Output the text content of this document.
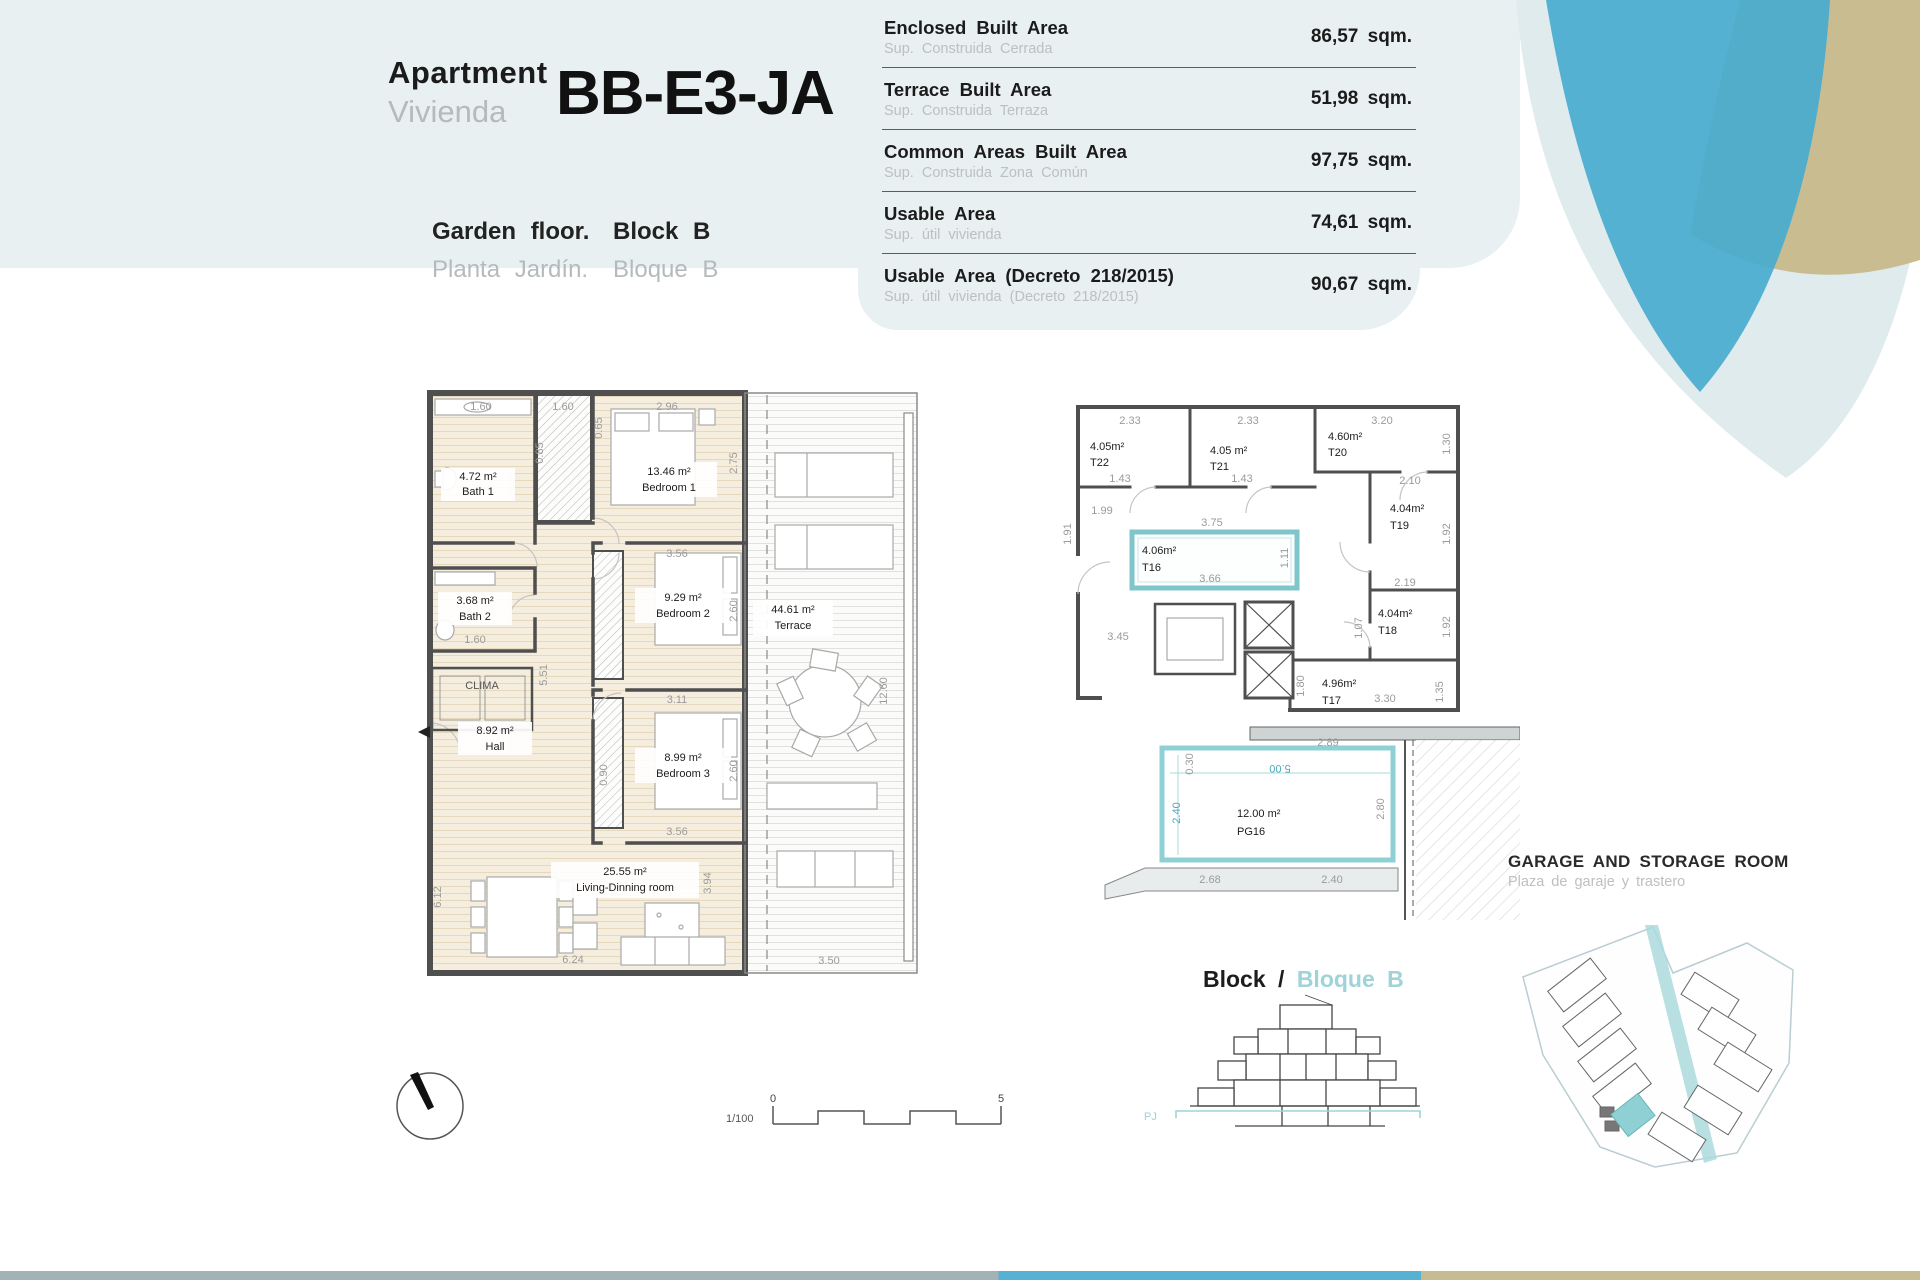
Apartment
Vivienda BB-E3-JA
Garden floor.
Planta Jardín.
Block B
Bloque B
Enclosed Built Area
Sup. Construida Cerrada
86,57 sqm.
Terrace Built Area
Sup. Construida Terraza
51,98 sqm.
Common Areas Built Area
Sup. Construida Zona Común
97,75 sqm.
Usable Area
Sup. útil vivienda
74,61 sqm.
Usable Area (Decreto 218/2015)
Sup. útil vivienda (Decreto 218/2015)
90,67 sqm.
4.72 m²
Bath 1
13.46 m²
Bedroom 1
3.68 m²
Bath 2
9.29 m²
Bedroom 2
8.92 m²
Hall
8.99 m²
Bedroom 3
25.55 m²
Living-Dinning room
44.61 m²
Terrace
CLIMA
1.60	1.60	2.96
0.65
2.75
3.56
2.60
1.60
5.51
3.11
3.56
2.60
6.12
6.24
3.94
3.50
12.60
0.85
0.90
4.05m²
T22
4.05 m²
T21
4.60m²
T20
4.04m²
T19
4.06m²
T16
4.04m²
T18
4.96m²
T17
2.33	2.33	3.20
1.30
1.43	1.43	2.10
1.92
1.99
1.91
3.75
3.66
1.11
3.45
2.19
1.07
3.30
1.80	1.35
1.92
12.00 m²
PG16
5.00
2.40
2.89
2.80
0.30
2.68	2.40
GARAGE AND STORAGE ROOM
Plaza de garaje y trastero
Block / Bloque B
PJ
1/100
0	5
